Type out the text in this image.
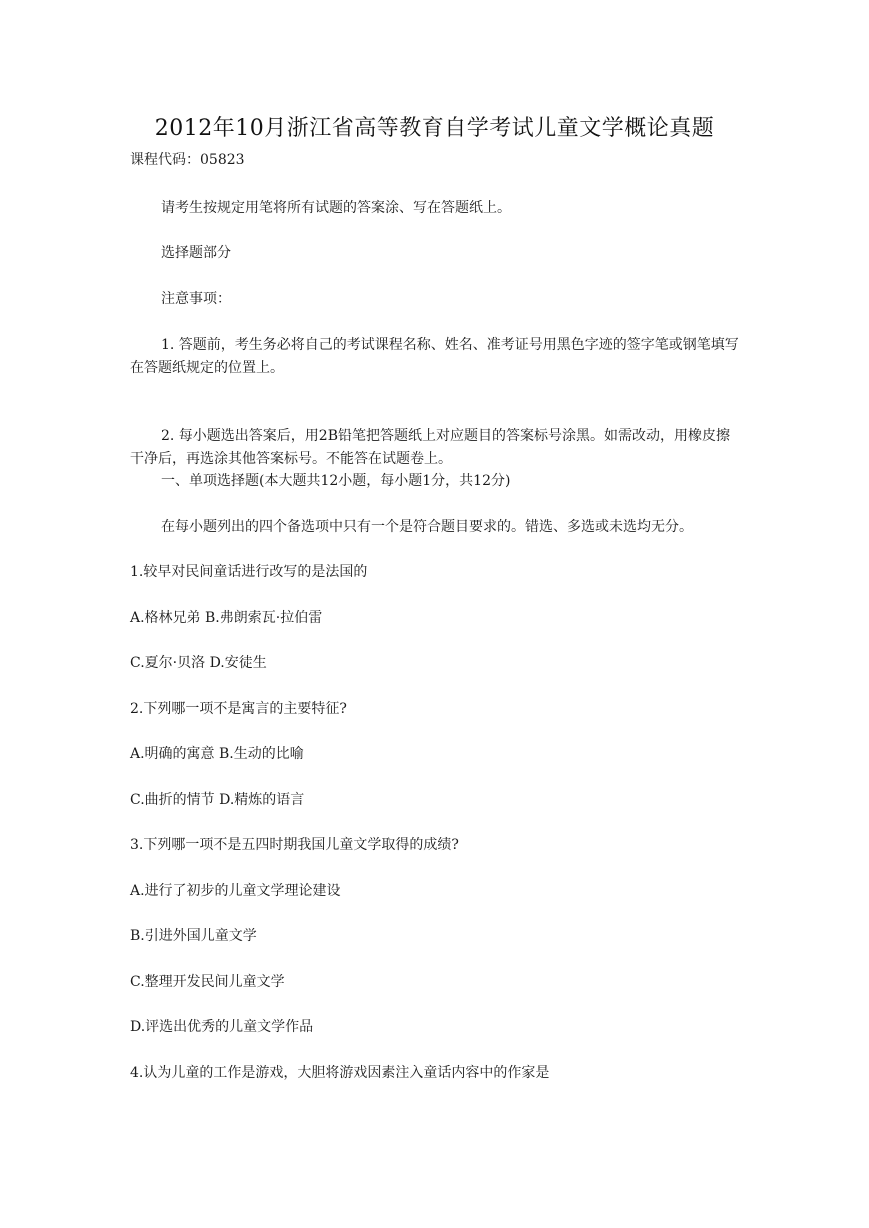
2012年10月浙江省高等教育自学考试儿童文学概论真题
课程代码：05823

请考生按规定用笔将所有试题的答案涂、写在答题纸上。

选择题部分

注意事项：

1. 答题前，考生务必将自己的考试课程名称、姓名、准考证号用黑色字迹的签字笔或钢笔填写在答题纸规定的位置上。

2. 每小题选出答案后，用2B铅笔把答题纸上对应题目的答案标号涂黑。如需改动，用橡皮擦干净后，再选涂其他答案标号。不能答在试题卷上。

一、单项选择题(本大题共12小题，每小题1分，共12分)

在每小题列出的四个备选项中只有一个是符合题目要求的。错选、多选或未选均无分。

1.较早对民间童话进行改写的是法国的

A.格林兄弟 B.弗朗索瓦·拉伯雷

C.夏尔·贝洛 D.安徒生

2.下列哪一项不是寓言的主要特征?

A.明确的寓意 B.生动的比喻

C.曲折的情节 D.精炼的语言

3.下列哪一项不是五四时期我国儿童文学取得的成绩?

A.进行了初步的儿童文学理论建设

B.引进外国儿童文学

C.整理开发民间儿童文学

D.评选出优秀的儿童文学作品

4.认为儿童的工作是游戏，大胆将游戏因素注入童话内容中的作家是
